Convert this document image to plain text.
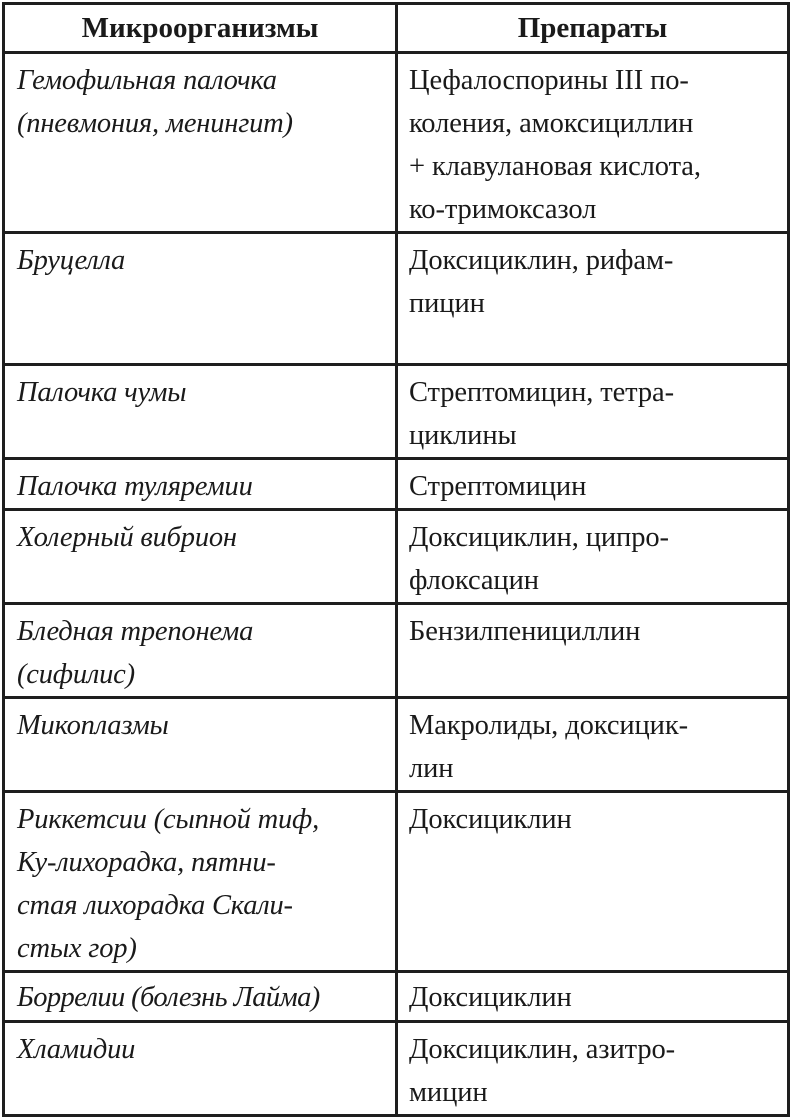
Микроорганизмы	Препараты

Гемофильная палочка
(пневмония, менингит)	Цефалоспорины III по-
коления, амоксициллин
+ клавулановая кислота,
ко-тримоксазол

Бруцелла	Доксициклин, рифам-
пицин

Палочка чумы	Стрептомицин, тетра-
циклины

Палочка туляремии	Стрептомицин

Холерный вибрион	Доксициклин, ципро-
флоксацин

Бледная трепонема
(сифилис)	Бензилпенициллин

Микоплазмы	Макролиды, доксицик-
лин

Риккетсии (сыпной тиф,
Ку-лихорадка, пятни-
стая лихорадка Скали-
стых гор)	Доксициклин

Боррелии (болезнь Лайма)	Доксициклин

Хламидии	Доксициклин, азитро-
мицин
